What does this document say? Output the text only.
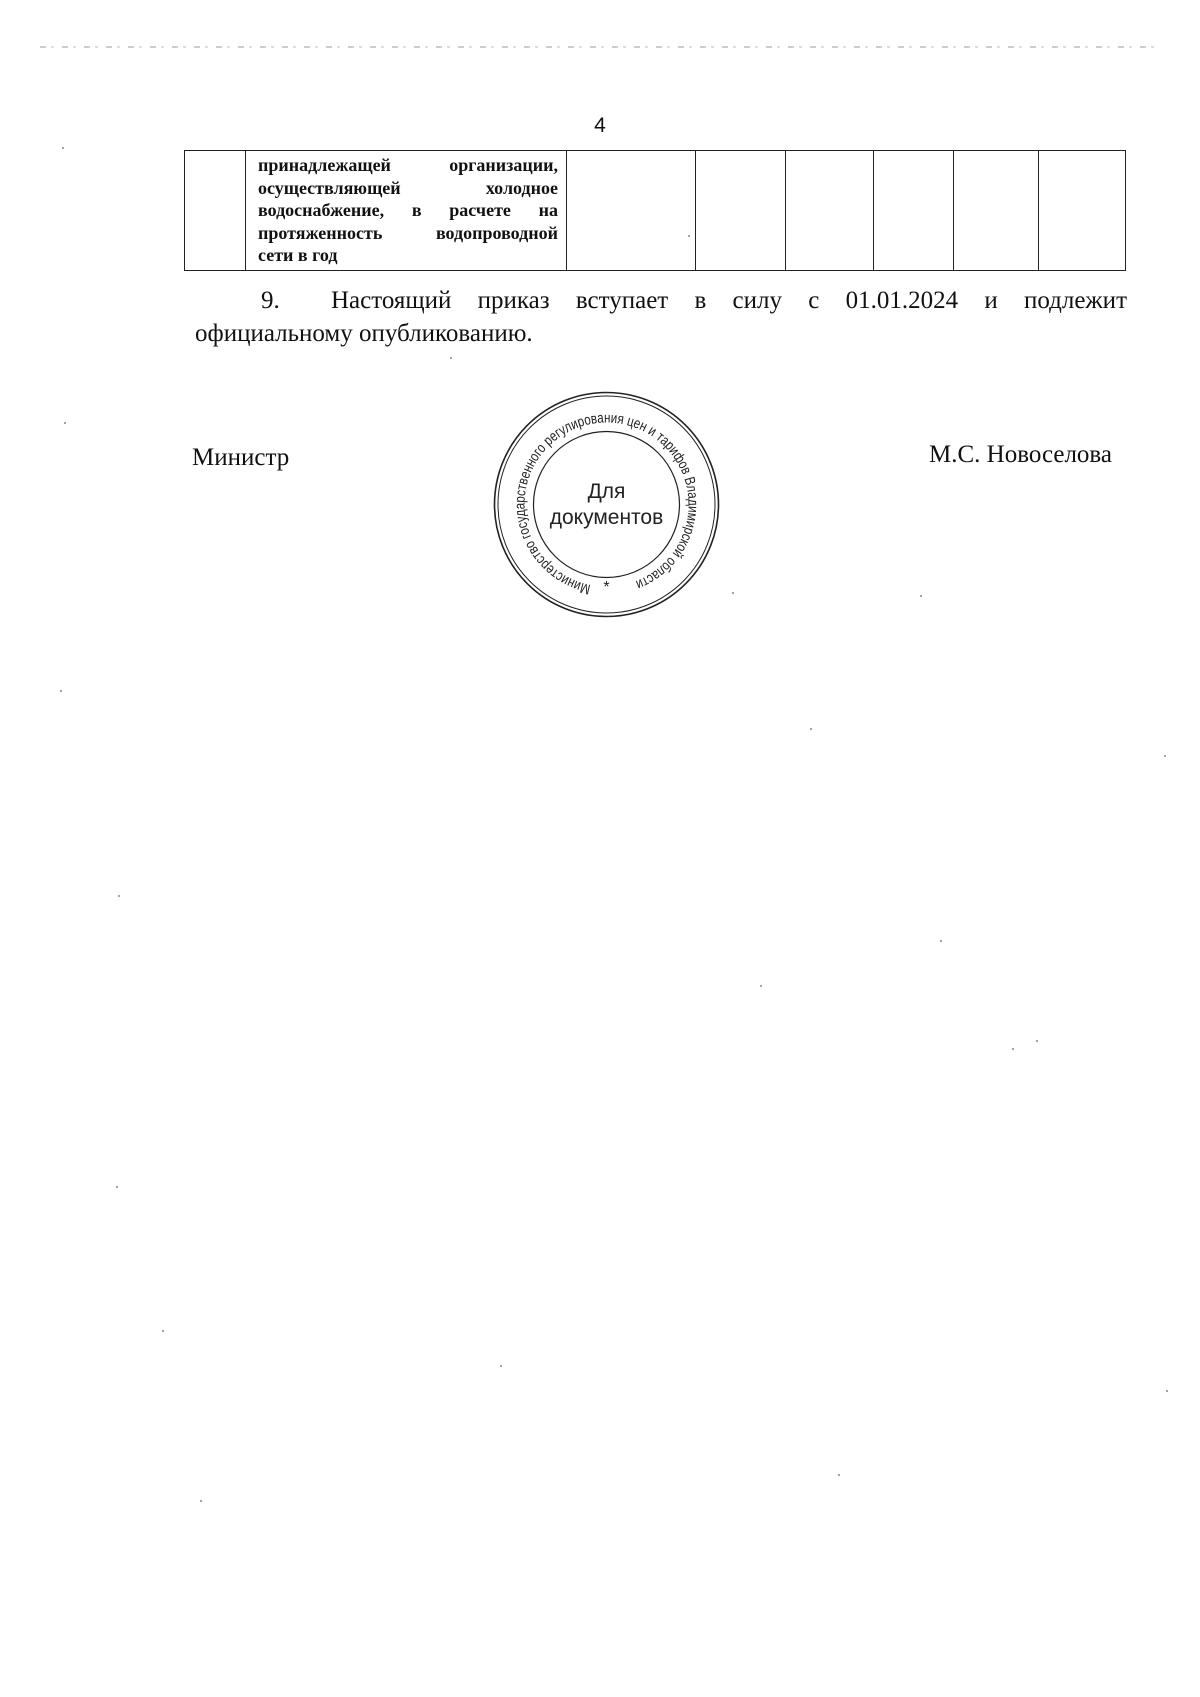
4

принадлежащей организации,
осуществляющей холодное
водоснабжение, в расчете на
протяженность водопроводной
сети в год

9. Настоящий приказ вступает в силу с 01.01.2024 и подлежит
официальному опубликованию.
Министр
Министерство государственного регулирования цен и тарифов Владимирской области
*
Для
документов
М.С. Новоселова
